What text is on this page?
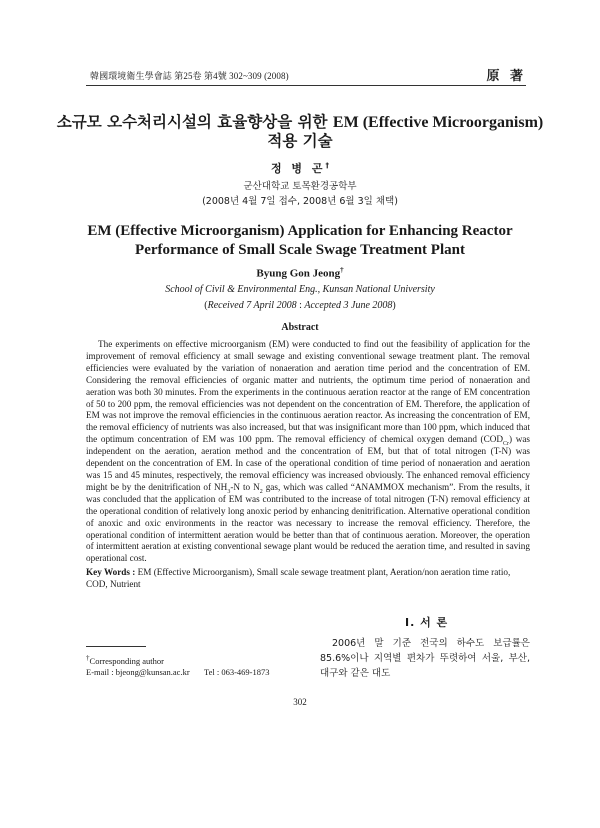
韓國環境衛生學會誌 第25卷 第4號 302~309 (2008)	原 著
소규모 오수처리시설의 효율향상을 위한 EM (Effective Microorganism)
적용 기술
정 병 곤†
군산대학교 토목환경공학부
(2008년 4월 7일 접수, 2008년 6월 3일 채택)
EM (Effective Microorganism) Application for Enhancing Reactor
Performance of Small Scale Swage Treatment Plant
Byung Gon Jeong†
School of Civil & Environmental Eng., Kunsan National University
(Received 7 April 2008 : Accepted 3 June 2008)
Abstract

The experiments on effective microorganism (EM) were conducted to find out the feasibility of application for the improvement of removal efficiency at small sewage and existing conventional sewage treatment plant. The removal efficiencies were evaluated by the variation of nonaeration and aeration time period and the concentration of EM. Considering the removal efficiencies of organic matter and nutrients, the optimum time period of nonaeration and aeration was both 30 minutes. From the experiments in the continuous aeration reactor at the range of EM concentration of 50 to 200 ppm, the removal efficiencies was not dependent on the concentration of EM. Therefore, the application of EM was not improve the removal efficiencies in the continuous aeration reactor. As increasing the concentration of EM, the removal efficiency of nutrients was also increased, but that was insignificant more than 100 ppm, which induced that the optimum concentration of EM was 100 ppm. The removal efficiency of chemical oxygen demand $(COD_{Cr})$ was independent on the aeration, aeration method and the concentration of EM, but that of total nitrogen (T-N) was dependent on the concentration of EM. In case of the operational condition of time period of nonaeration and aeration was 15 and 45 minutes, respectively, the removal efficiency was increased obviously. The enhanced removal efficiency might be by the denitrification of $NH_3-N$ to $N_2$ gas, which was called “ANAMMOX mechanism”. From the results, it was concluded that the application of EM was contributed to the increase of total nitrogen (T-N) removal efficiency at the operational condition of relatively long anoxic period by enhancing denitrification. Alternative operational condition of anoxic and oxic environments in the reactor was necessary to increase the removal efficiency. Therefore, the operational condition of intermittent aeration would be better than that of continuous aeration. Moreover, the operation of intermittent aeration at existing conventional sewage plant would be reduced the aeration time, and resulted in saving operational cost.

Key Words : EM (Effective Microorganism), Small scale sewage treatment plant, Aeration/non aeration time ratio, COD, Nutrient
I. 서 론

2006년 말 기준 전국의 하수도 보급률은 85.6%이나 지역별 편차가 뚜렷하여 서울, 부산, 대구와 같은 대도

†Corresponding author
E-mail : bjeong@kunsan.ac.kr	Tel : 063-469-1873
302
